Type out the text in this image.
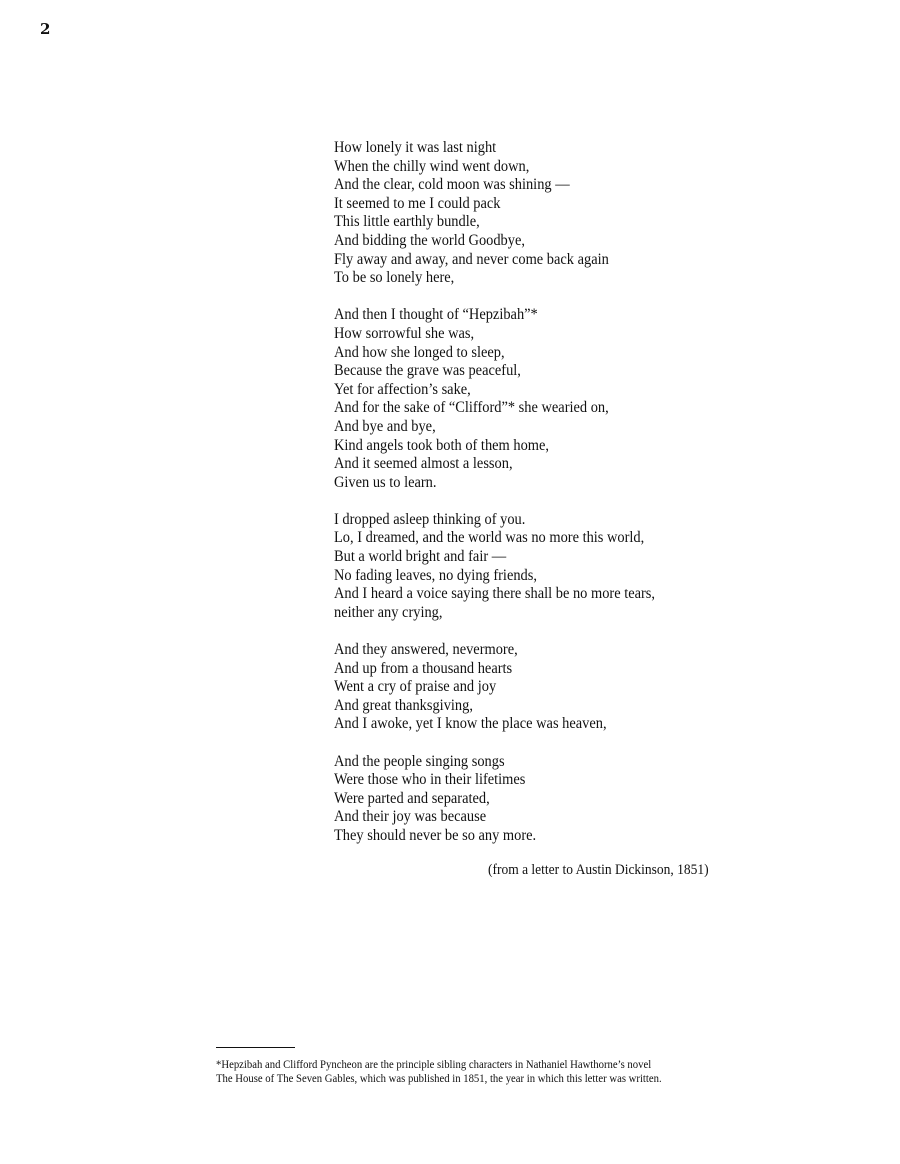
2
How lonely it was last night
When the chilly wind went down,
And the clear, cold moon was shining —
It seemed to me I could pack
This little earthly bundle,
And bidding the world Goodbye,
Fly away and away, and never come back again
To be so lonely here,
And then I thought of “Hepzibah”*
How sorrowful she was,
And how she longed to sleep,
Because the grave was peaceful,
Yet for affection’s sake,
And for the sake of “Clifford”* she wearied on,
And bye and bye,
Kind angels took both of them home,
And it seemed almost a lesson,
Given us to learn.
I dropped asleep thinking of you.
Lo, I dreamed, and the world was no more this world,
But a world bright and fair —
No fading leaves, no dying friends,
And I heard a voice saying there shall be no more tears,
neither any crying,
And they answered, nevermore,
And up from a thousand hearts
Went a cry of praise and joy
And great thanksgiving,
And I awoke, yet I know the place was heaven,
And the people singing songs
Were those who in their lifetimes
Were parted and separated,
And their joy was because
They should never be so any more.
(from a letter to Austin Dickinson, 1851)
*Hepzibah and Clifford Pyncheon are the principle sibling characters in Nathaniel Hawthorne’s novel
The House of The Seven Gables, which was published in 1851, the year in which this letter was written.
